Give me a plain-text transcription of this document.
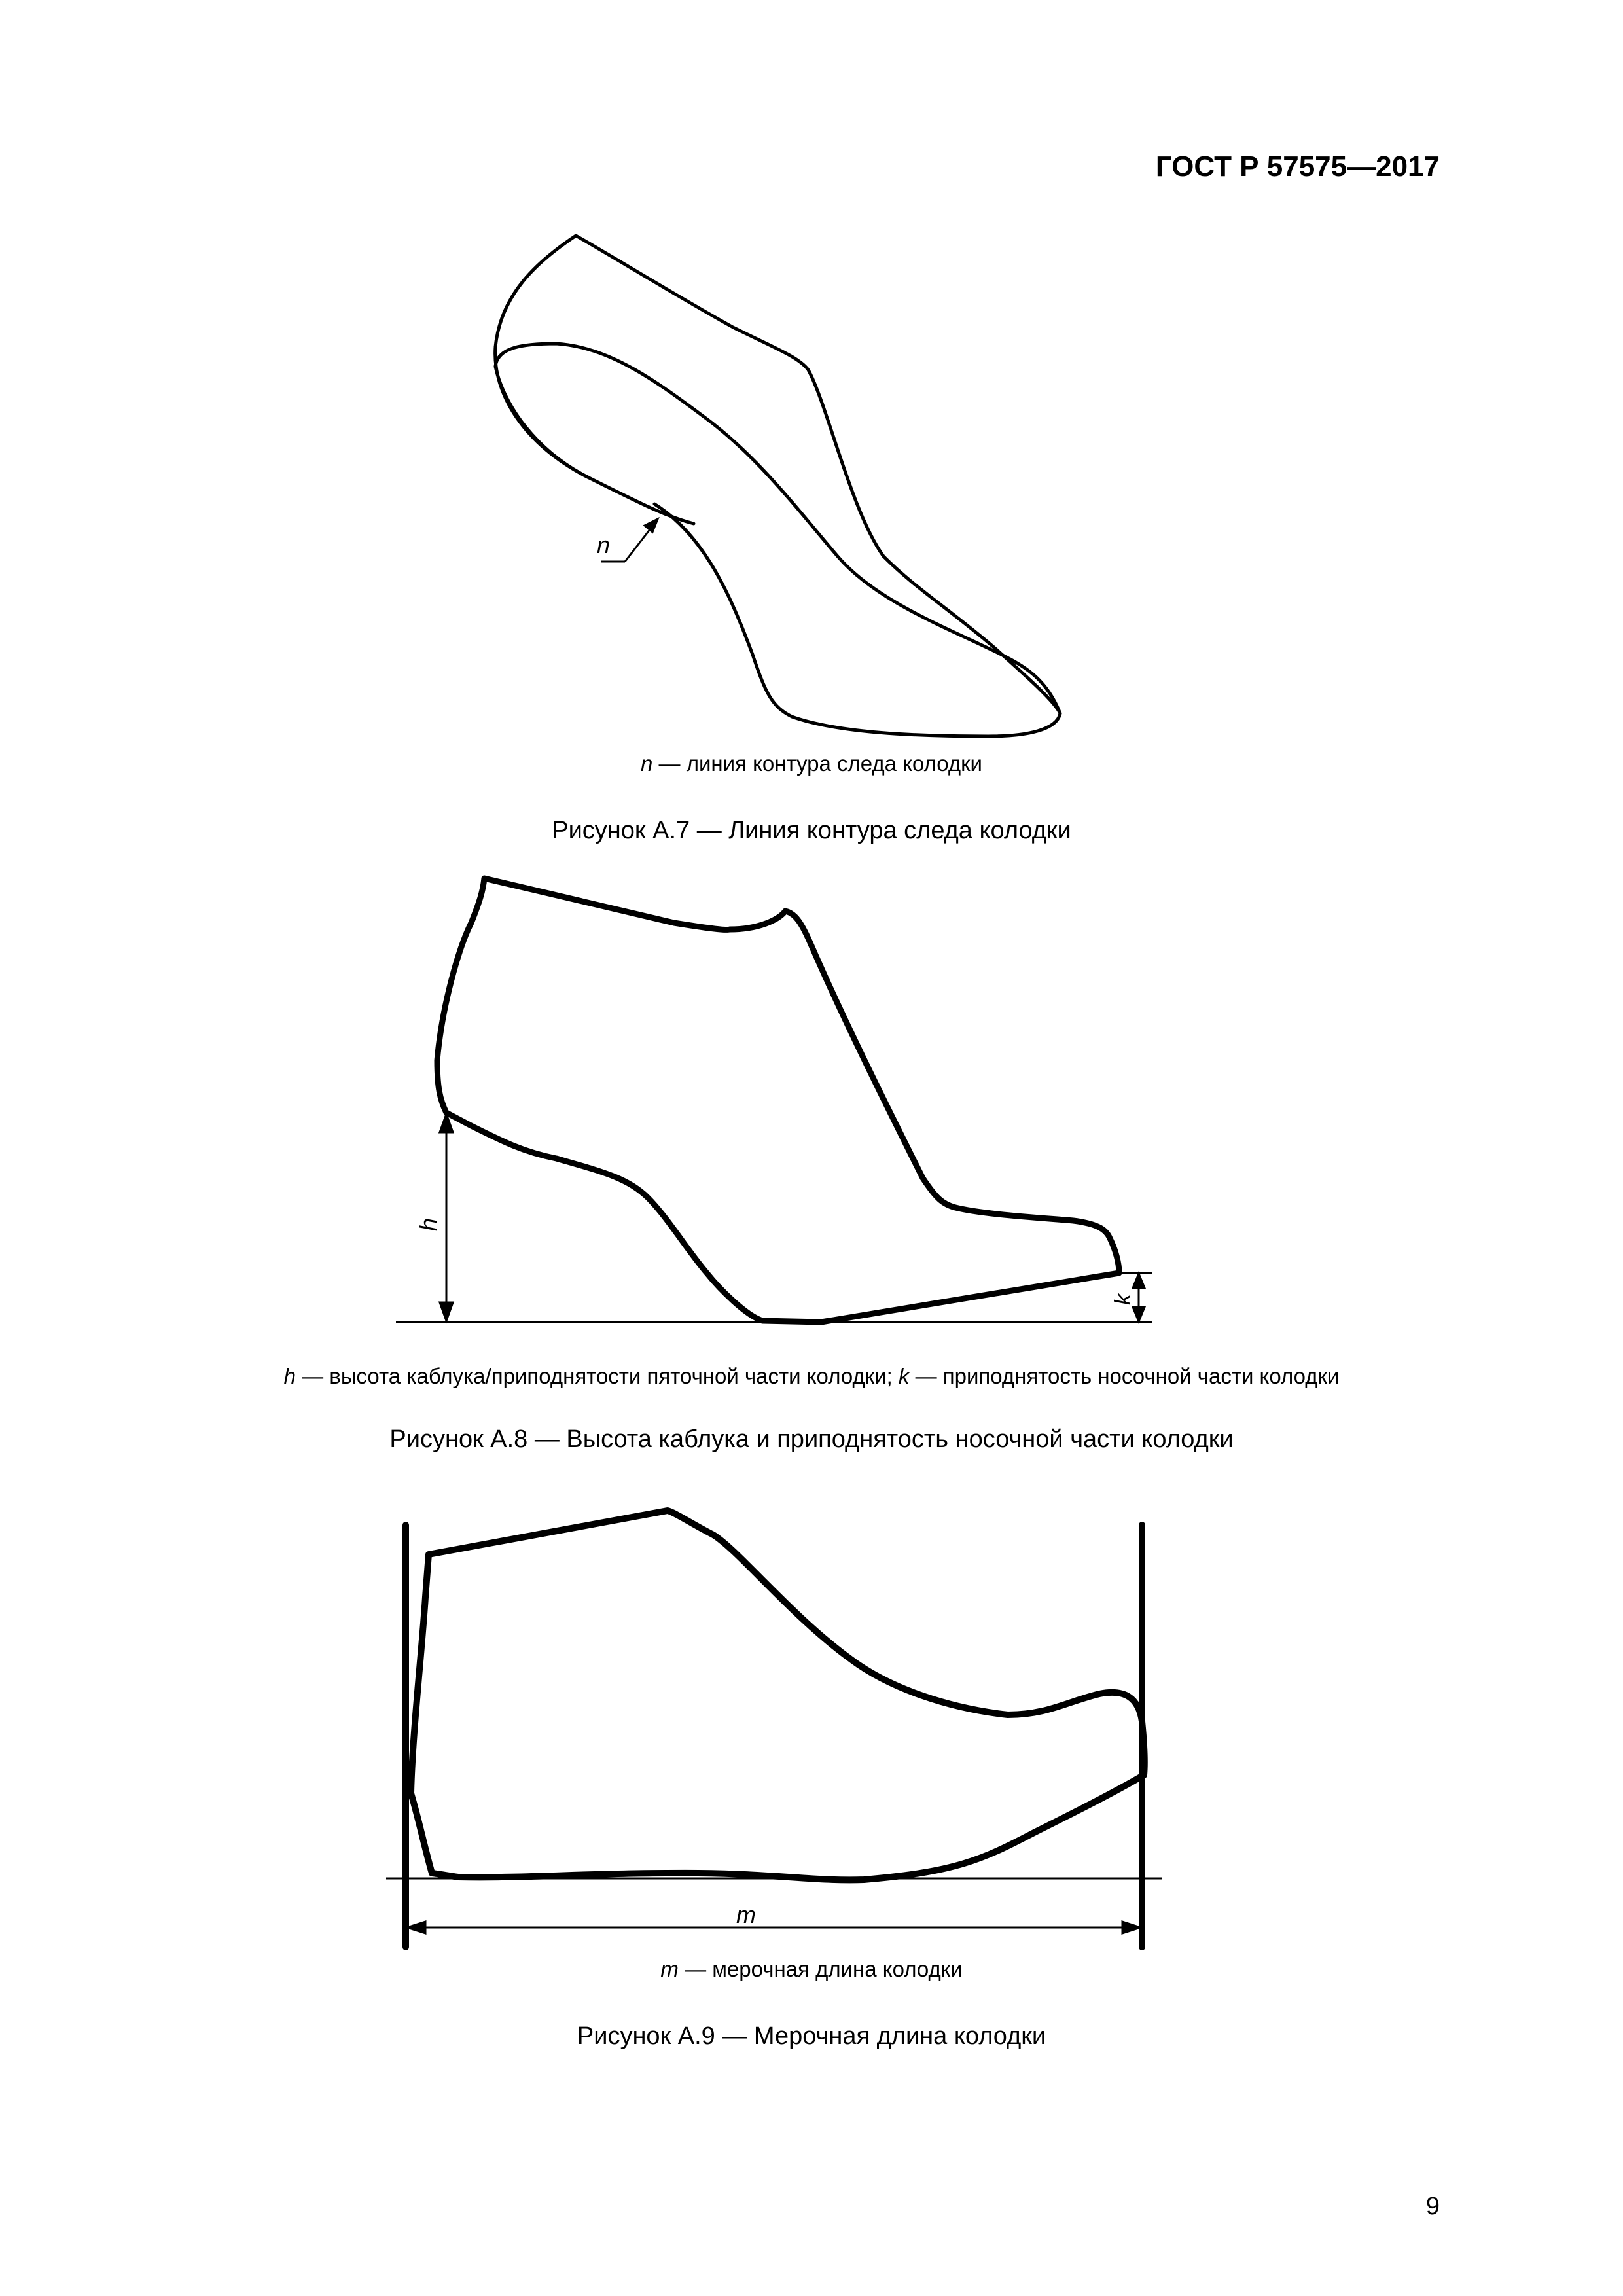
ГОСТ Р 57575—2017
n
n — линия контура следа колодки
Рисунок А.7 — Линия контура следа колодки
h
k
h — высота каблука/приподнятости пяточной части колодки; k — приподнятость носочной части колодки
Рисунок А.8 — Высота каблука и приподнятость носочной части колодки
m
m — мерочная длина колодки
Рисунок А.9 — Мерочная длина колодки
9
